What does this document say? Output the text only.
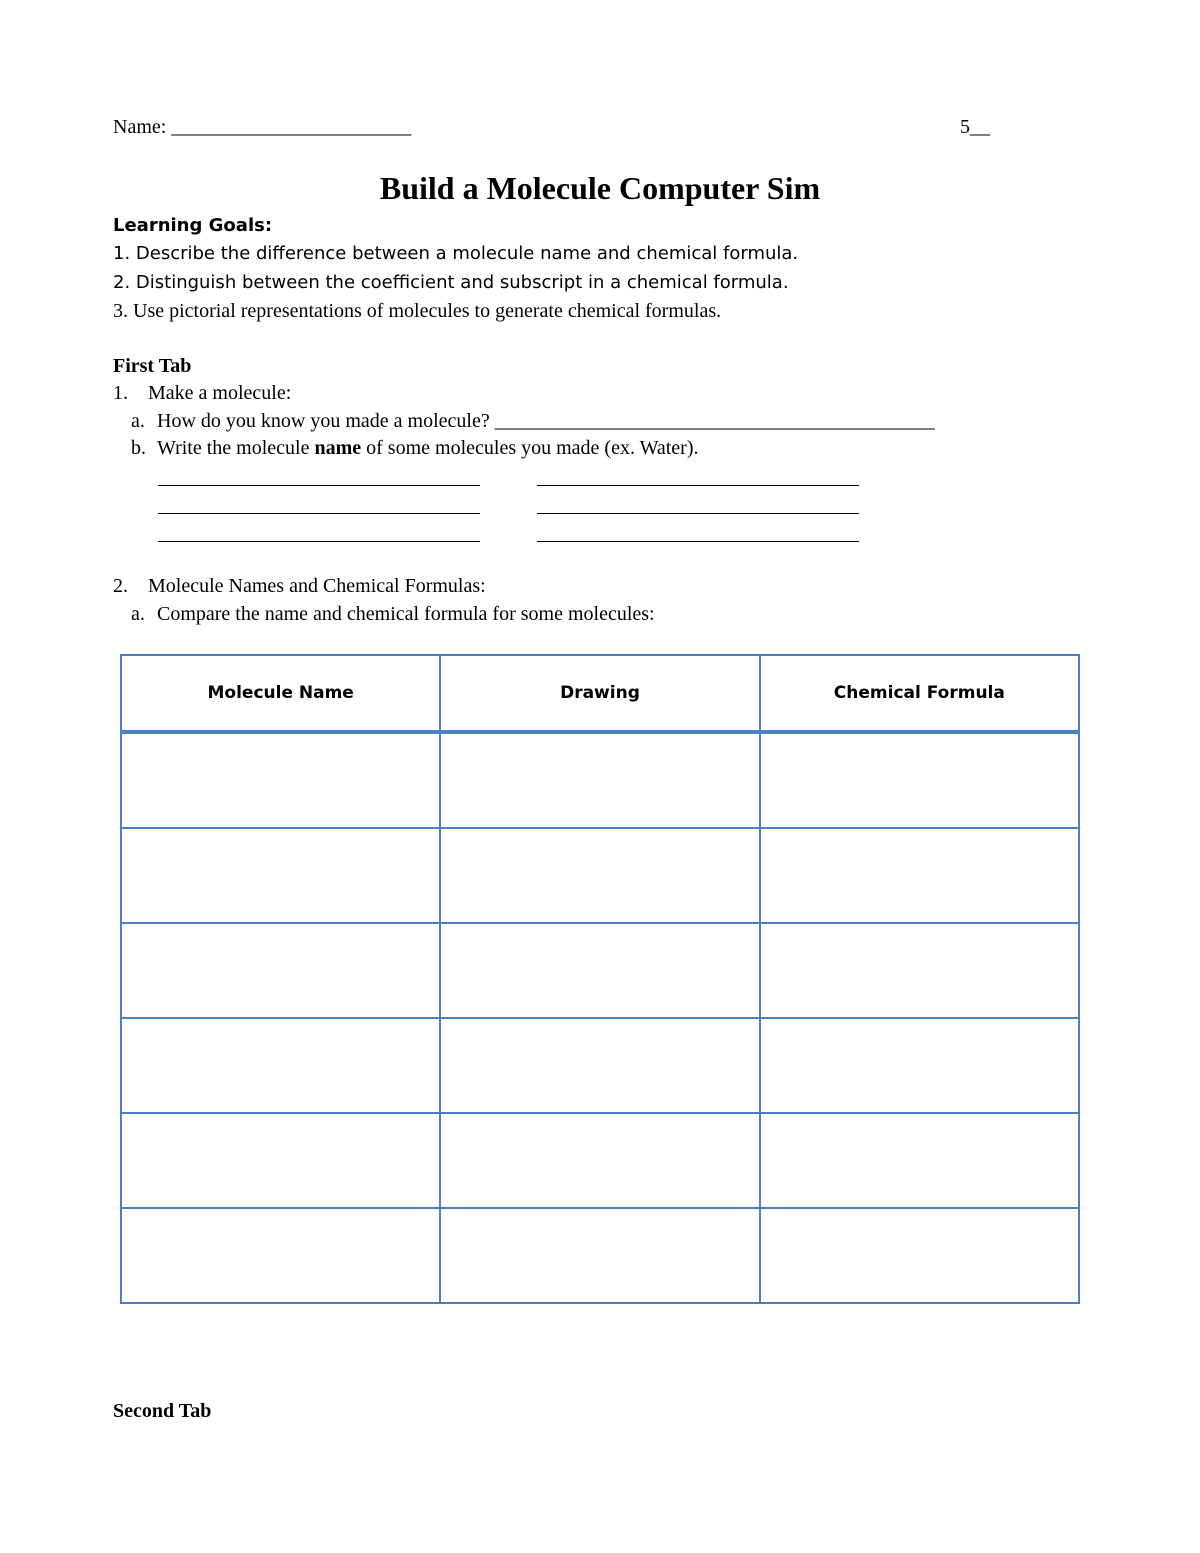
Name: ________________________	5__
Build a Molecule Computer Sim
Learning Goals:
1. Describe the difference between a molecule name and chemical formula.
2. Distinguish between the coefficient and subscript in a chemical formula.
3. Use pictorial representations of molecules to generate chemical formulas.
First Tab
1. Make a molecule:
a. How do you know you made a molecule? ____________________________________________
b. Write the molecule name of some molecules you made (ex. Water).
2. Molecule Names and Chemical Formulas:
a. Compare the name and chemical formula for some molecules:
Molecule Name	Drawing	Chemical Formula

Second Tab
